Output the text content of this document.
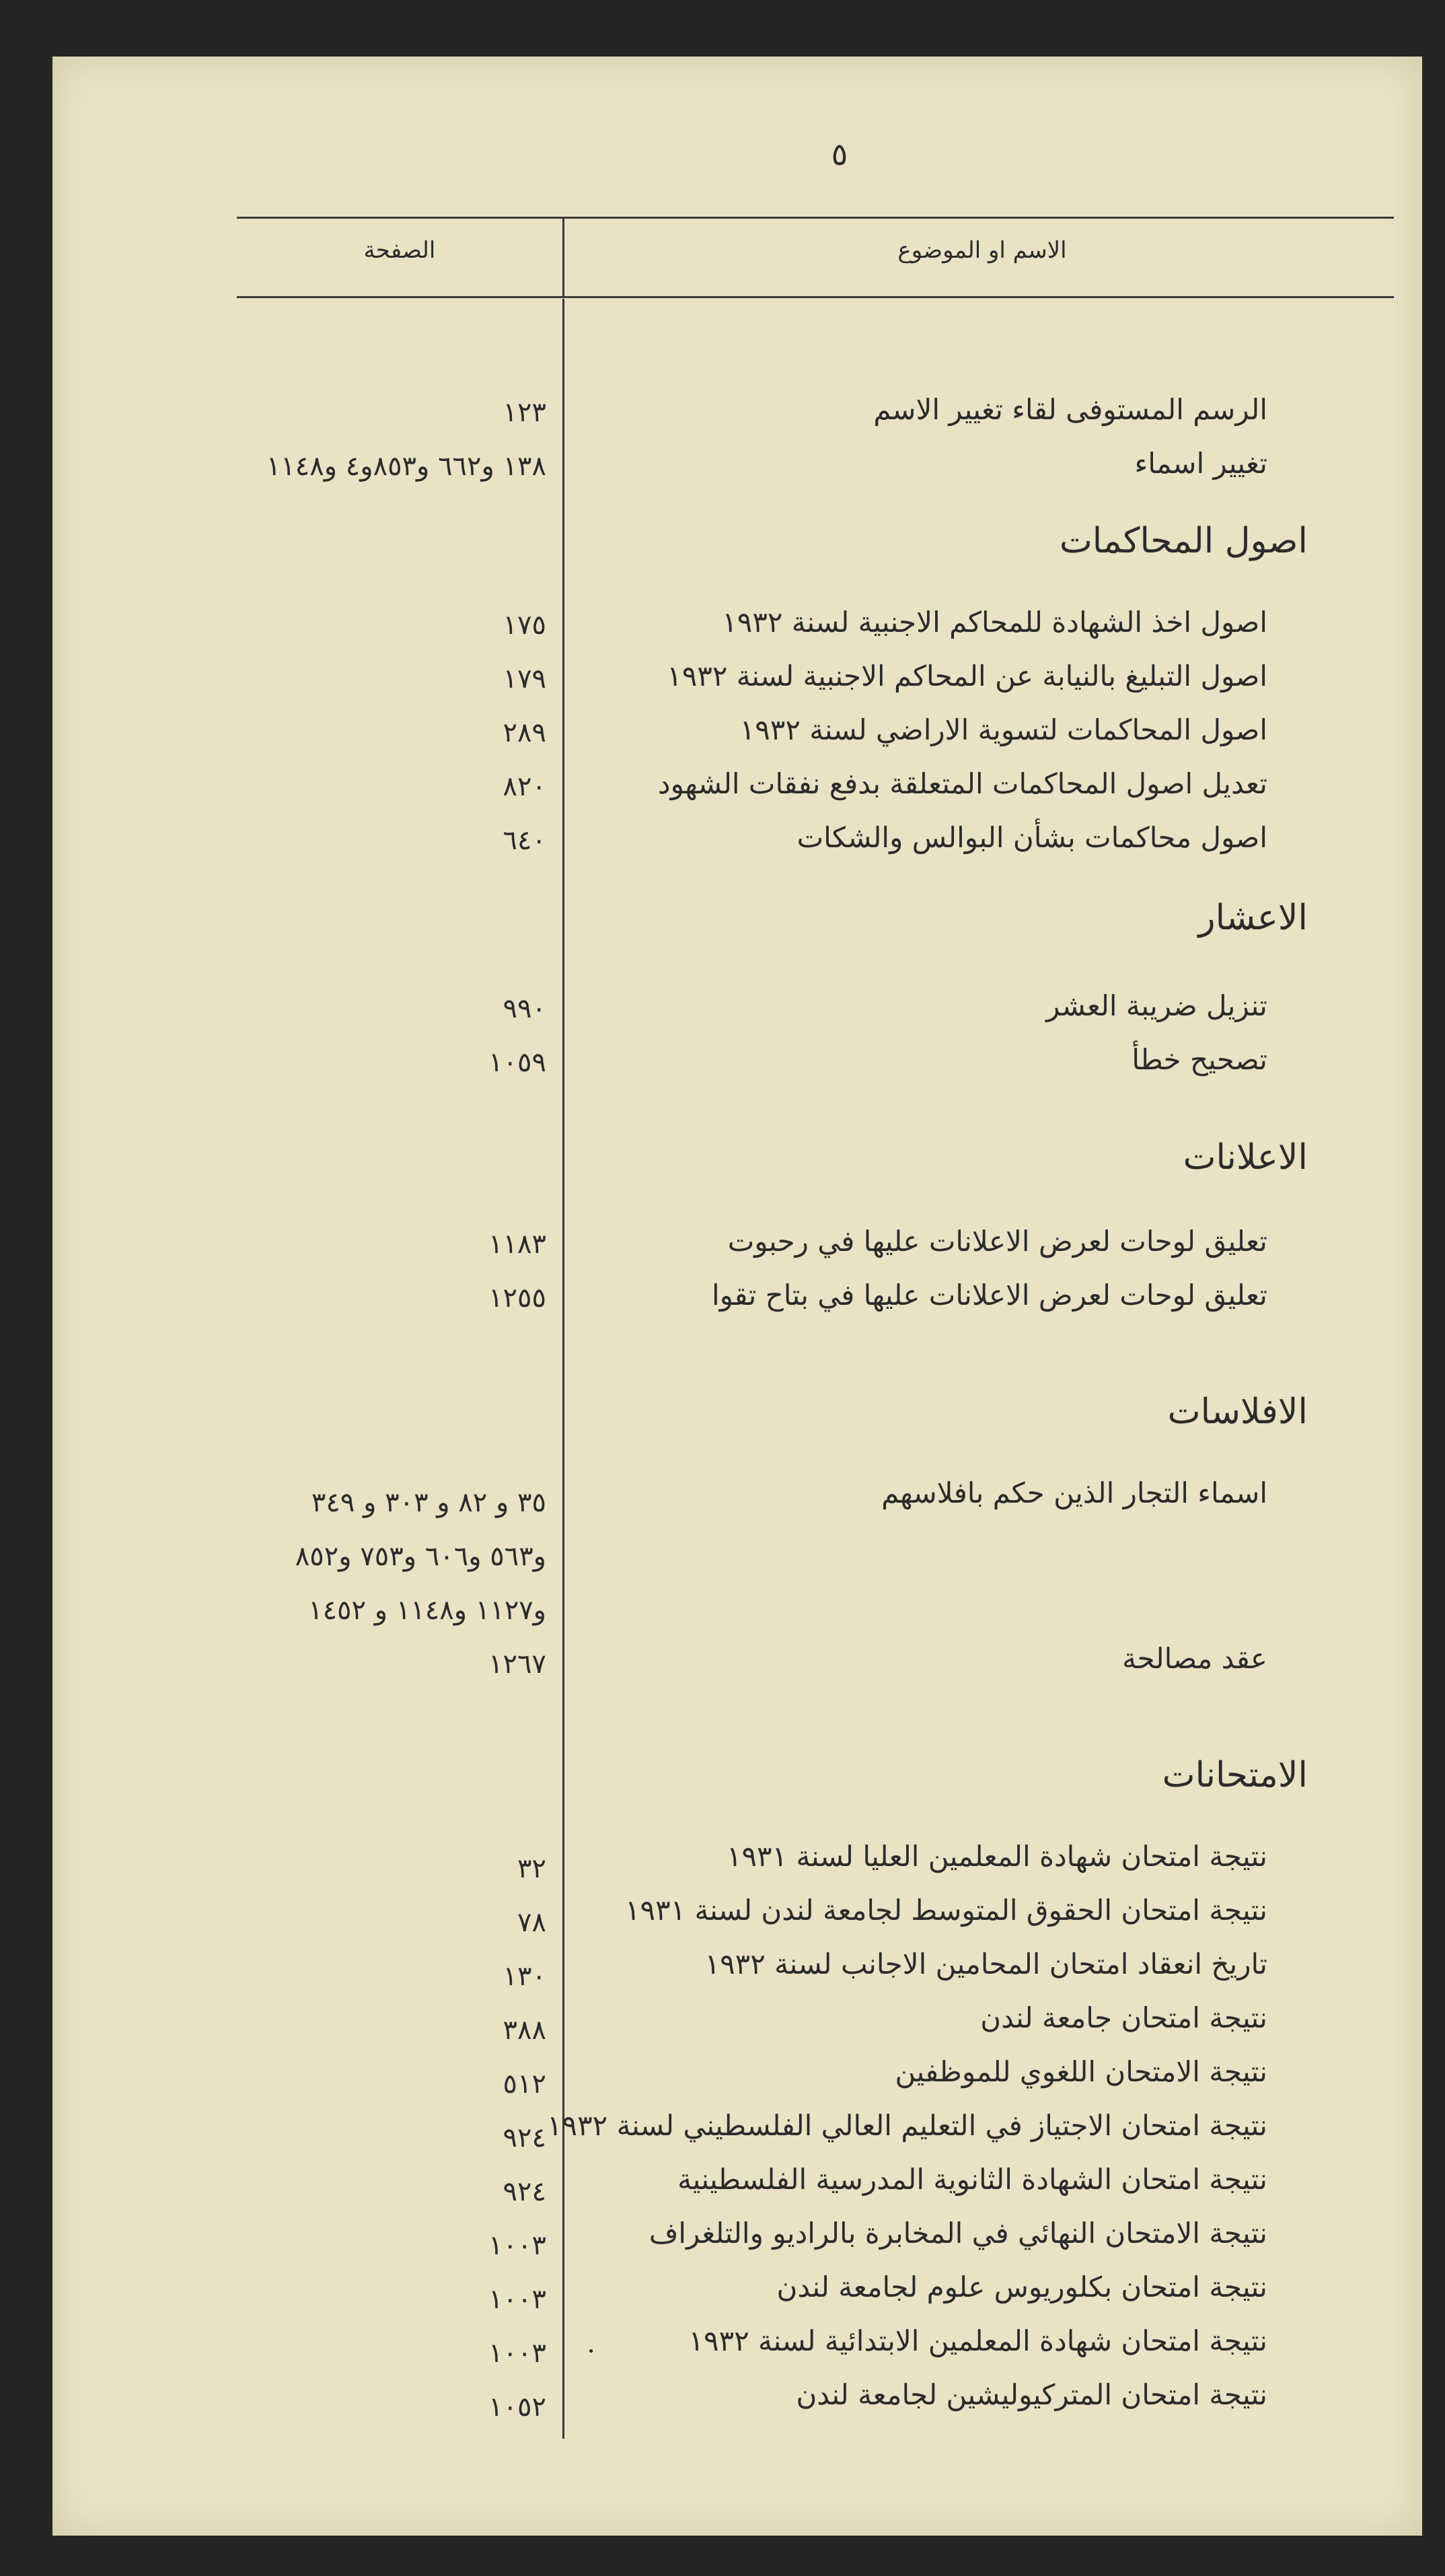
٥
الاسم او الموضوع
الصفحة
الرسم المستوفى لقاء تغيير الاسم
١٢٣
تغيير اسماء
١٣٨ و٦٦٢ و٨٥٣و٤ و١١٤٨
اصول المحاكمات
اصول اخذ الشهادة للمحاكم الاجنبية لسنة ١٩٣٢
١٧٥
اصول التبليغ بالنيابة عن المحاكم الاجنبية لسنة ١٩٣٢
١٧٩
اصول المحاكمات لتسوية الاراضي لسنة ١٩٣٢
٢٨٩
تعديل اصول المحاكمات المتعلقة بدفع نفقات الشهود
٨٢٠
اصول محاكمات بشأن البوالس والشكات
٦٤٠
الاعشار
تنزيل ضريبة العشر
٩٩٠
تصحيح خطأ
١٠٥٩
الاعلانات
تعليق لوحات لعرض الاعلانات عليها في رحبوت
١١٨٣
تعليق لوحات لعرض الاعلانات عليها في بتاح تقوا
١٢٥٥
الافلاسات
اسماء التجار الذين حكم بافلاسهم
٣٥ و ٨٢ و ٣٠٣ و ٣٤٩
و٥٦٣ و٦٠٦ و٧٥٣ و٨٥٢
و١١٢٧ و١١٤٨ و ١٤٥٢
عقد مصالحة
١٢٦٧
الامتحانات
نتيجة امتحان شهادة المعلمين العليا لسنة ١٩٣١
٣٢
نتيجة امتحان الحقوق المتوسط لجامعة لندن لسنة ١٩٣١
٧٨
تاريخ انعقاد امتحان المحامين الاجانب لسنة ١٩٣٢
١٣٠
نتيجة امتحان جامعة لندن
٣٨٨
نتيجة الامتحان اللغوي للموظفين
٥١٢
نتيجة امتحان الاجتياز في التعليم العالي الفلسطيني لسنة ١٩٣٢
٩٢٤
نتيجة امتحان الشهادة الثانوية المدرسية الفلسطينية
٩٢٤
نتيجة الامتحان النهائي في المخابرة بالراديو والتلغراف
١٠٠٣
نتيجة امتحان بكلوريوس علوم لجامعة لندن
١٠٠٣
نتيجة امتحان شهادة المعلمين الابتدائية لسنة ١٩٣٢
١٠٠٣	•
نتيجة امتحان المتركيوليشين لجامعة لندن
١٠٥٢
